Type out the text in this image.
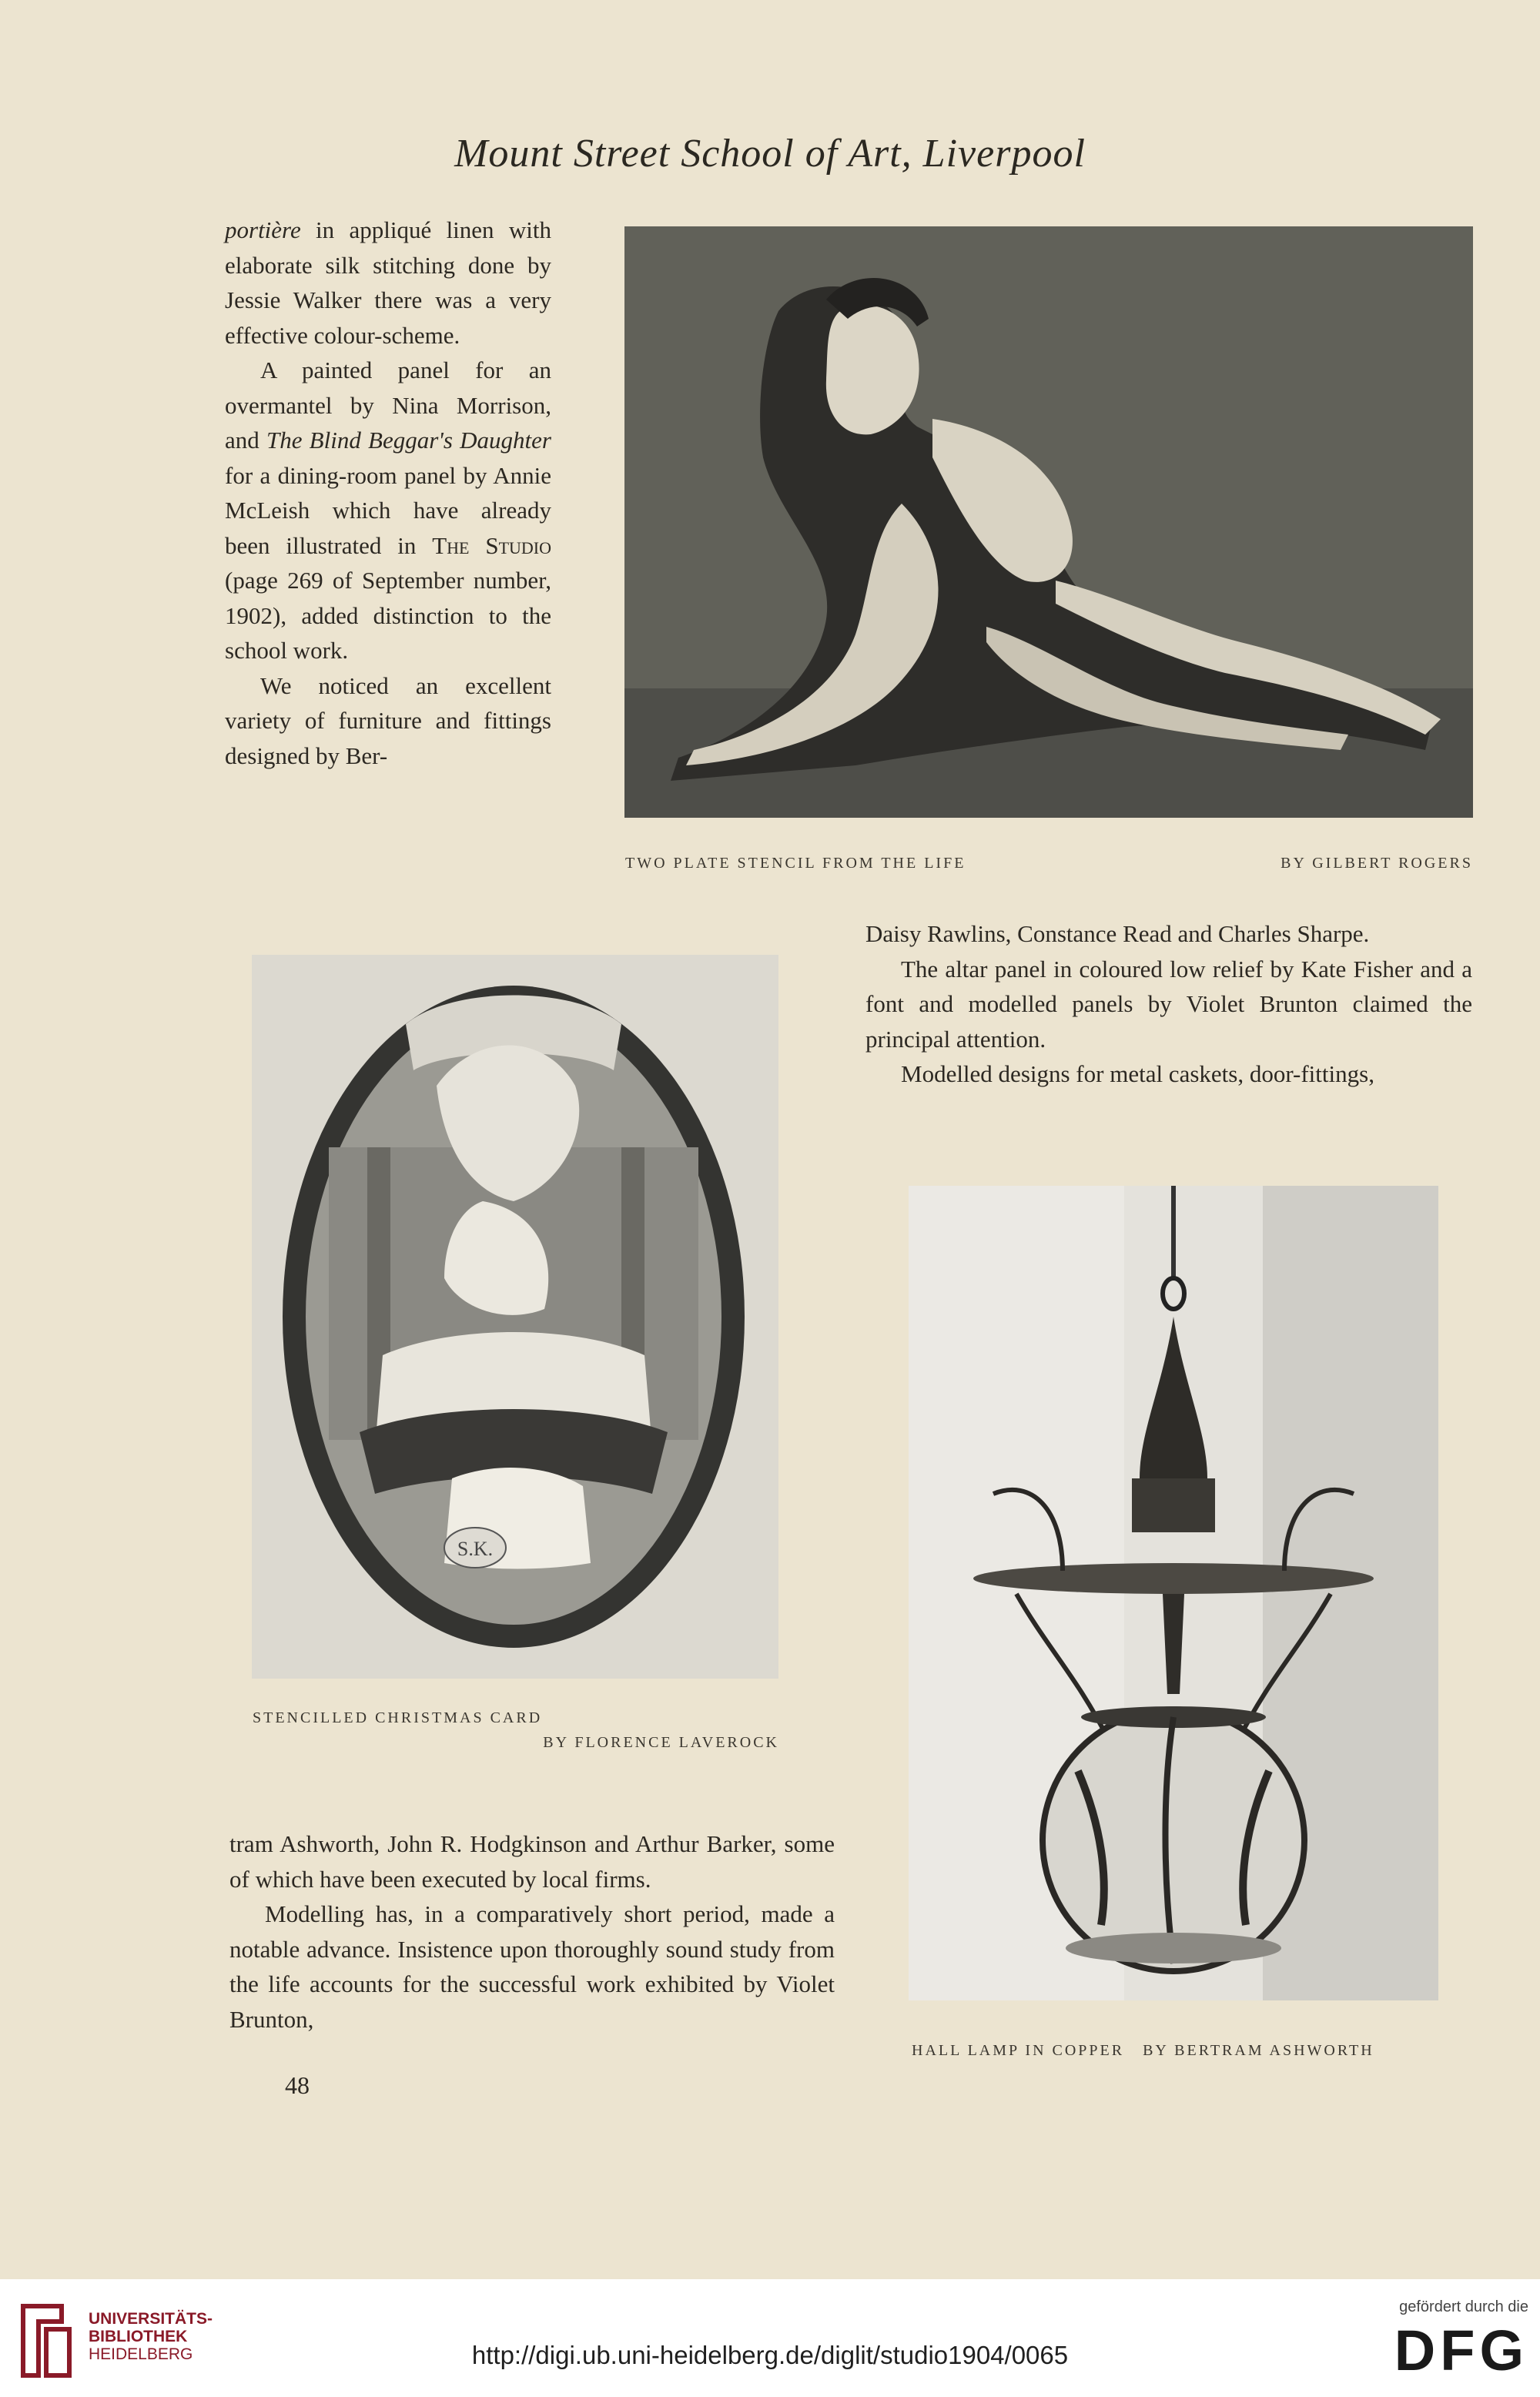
Mount Street School of Art, Liverpool

portière in appliqué linen with elaborate silk stitching done by Jessie Walker there was a very effective colour-scheme.

A painted panel for an overmantel by Nina Morrison, and The Blind Beggar's Daughter for a dining-room panel by Annie McLeish which have already been illustrated in The Studio (page 269 of September number, 1902), added distinction to the school work.

We noticed an excellent variety of furniture and fittings designed by Ber-

TWO PLATE STENCIL FROM THE LIFE	BY GILBERT ROGERS

Daisy Rawlins, Constance Read and Charles Sharpe.

The altar panel in coloured low relief by Kate Fisher and a font and modelled panels by Violet Brunton claimed the principal attention.

Modelled designs for metal caskets, door-fittings,

S.K.
STENCILLED CHRISTMAS CARD
BY FLORENCE LAVEROCK

tram Ashworth, John R. Hodgkinson and Arthur Barker, some of which have been executed by local firms.

Modelling has, in a comparatively short period, made a notable advance. Insistence upon thoroughly sound study from the life accounts for the successful work exhibited by Violet Brunton,

HALL LAMP IN COPPER   BY BERTRAM ASHWORTH
48
UNIVERSITÄTS-
BIBLIOTHEK
HEIDELBERG	http://digi.ub.uni-heidelberg.de/diglit/studio1904/0065
gefördert durch die
DFG
